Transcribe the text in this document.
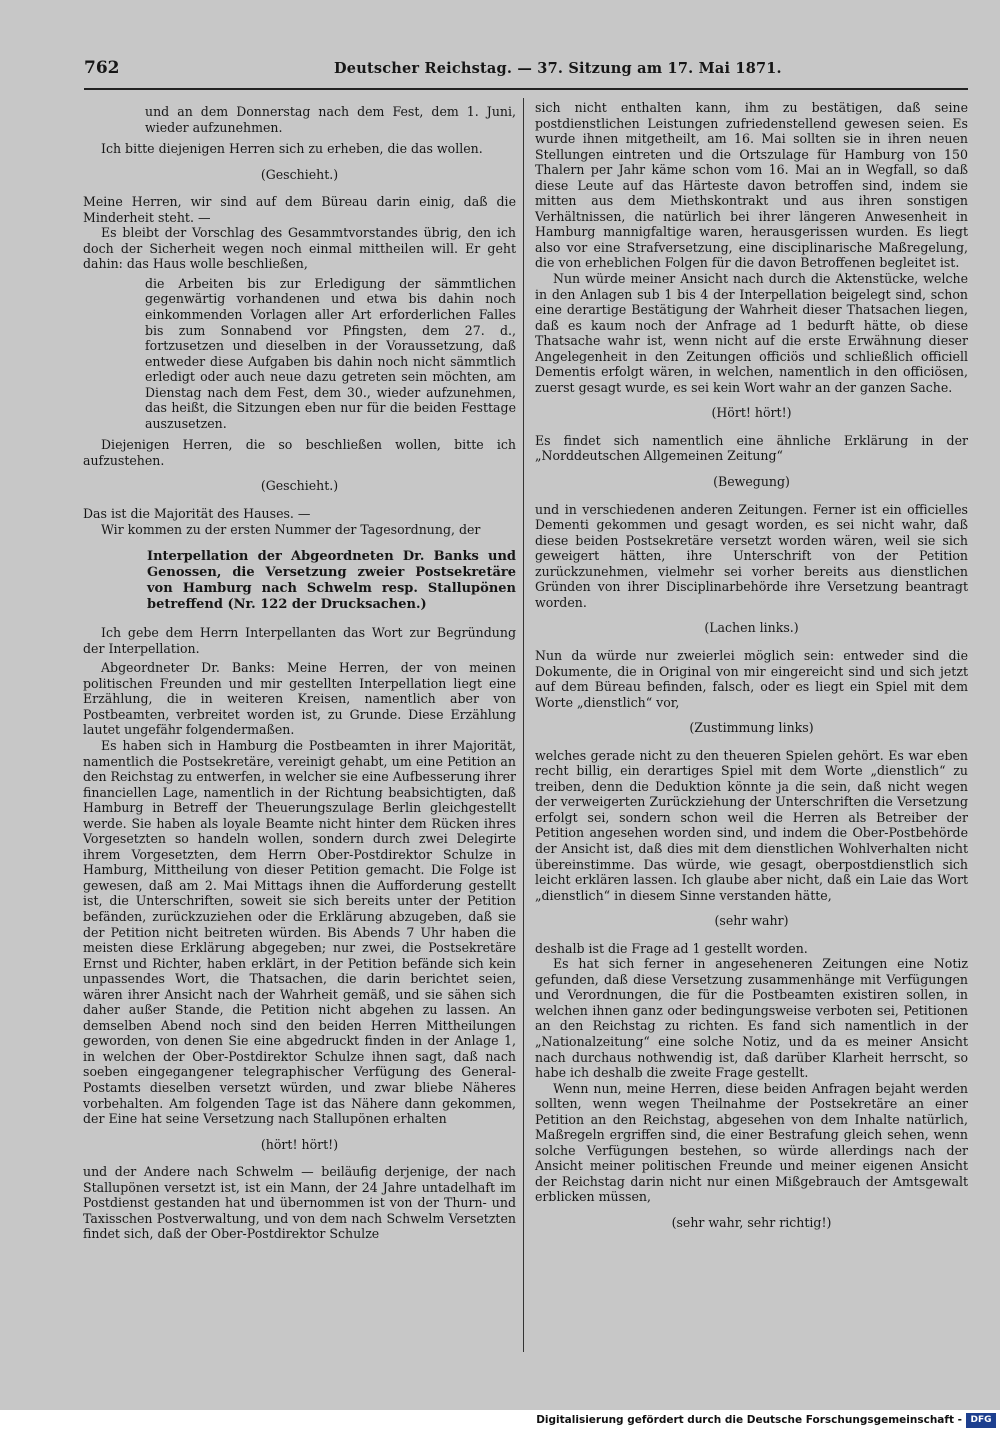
762	Deutscher Reichstag. — 37. Sitzung am 17. Mai 1871.

und an dem Donnerstag nach dem Fest, dem 1. Juni, wieder aufzunehmen.

Ich bitte diejenigen Herren sich zu erheben, die das wollen.

(Geschieht.)

Meine Herren, wir sind auf dem Büreau darin einig, daß die Minderheit steht. —

Es bleibt der Vorschlag des Gesammtvorstandes übrig, den ich doch der Sicherheit wegen noch einmal mittheilen will. Er geht dahin: das Haus wolle beschließen,

die Arbeiten bis zur Erledigung der sämmtlichen gegenwärtig vorhandenen und etwa bis dahin noch einkommenden Vorlagen aller Art erforderlichen Falles bis zum Sonnabend vor Pfingsten, dem 27. d., fortzusetzen und dieselben in der Voraussetzung, daß entweder diese Aufgaben bis dahin noch nicht sämmtlich erledigt oder auch neue dazu getreten sein möchten, am Dienstag nach dem Fest, dem 30., wieder aufzunehmen, das heißt, die Sitzungen eben nur für die beiden Festtage auszusetzen.

Diejenigen Herren, die so beschließen wollen, bitte ich aufzustehen.

(Geschieht.)

Das ist die Majorität des Hauses. —

Wir kommen zu der ersten Nummer der Tagesordnung, der

Interpellation der Abgeordneten Dr. Banks und Genossen, die Versetzung zweier Postsekretäre von Hamburg nach Schwelm resp. Stallupönen betreffend (Nr. 122 der Drucksachen.)

Ich gebe dem Herrn Interpellanten das Wort zur Begründung der Interpellation.

Abgeordneter Dr. Banks: Meine Herren, der von meinen politischen Freunden und mir gestellten Interpellation liegt eine Erzählung, die in weiteren Kreisen, namentlich aber von Postbeamten, verbreitet worden ist, zu Grunde. Diese Erzählung lautet ungefähr folgendermaßen.

Es haben sich in Hamburg die Postbeamten in ihrer Majorität, namentlich die Postsekretäre, vereinigt gehabt, um eine Petition an den Reichstag zu entwerfen, in welcher sie eine Aufbesserung ihrer financiellen Lage, namentlich in der Richtung beabsichtigten, daß Hamburg in Betreff der Theuerungszulage Berlin gleichgestellt werde. Sie haben als loyale Beamte nicht hinter dem Rücken ihres Vorgesetzten so handeln wollen, sondern durch zwei Delegirte ihrem Vorgesetzten, dem Herrn Ober-Postdirektor Schulze in Hamburg, Mittheilung von dieser Petition gemacht. Die Folge ist gewesen, daß am 2. Mai Mittags ihnen die Aufforderung gestellt ist, die Unterschriften, soweit sie sich bereits unter der Petition befänden, zurückzuziehen oder die Erklärung abzugeben, daß sie der Petition nicht beitreten würden. Bis Abends 7 Uhr haben die meisten diese Erklärung abgegeben; nur zwei, die Postsekretäre Ernst und Richter, haben erklärt, in der Petition befände sich kein unpassendes Wort, die Thatsachen, die darin berichtet seien, wären ihrer Ansicht nach der Wahrheit gemäß, und sie sähen sich daher außer Stande, die Petition nicht abgehen zu lassen. An demselben Abend noch sind den beiden Herren Mittheilungen geworden, von denen Sie eine abgedruckt finden in der Anlage 1, in welchen der Ober-Postdirektor Schulze ihnen sagt, daß nach soeben eingegangener telegraphischer Verfügung des General-Postamts dieselben versetzt würden, und zwar bliebe Näheres vorbehalten. Am folgenden Tage ist das Nähere dann gekommen, der Eine hat seine Versetzung nach Stallupönen erhalten

(hört! hört!)

und der Andere nach Schwelm — beiläufig derjenige, der nach Stallupönen versetzt ist, ist ein Mann, der 24 Jahre untadelhaft im Postdienst gestanden hat und übernommen ist von der Thurn- und Taxisschen Postverwaltung, und von dem nach Schwelm Versetzten findet sich, daß der Ober-Postdirektor Schulze

sich nicht enthalten kann, ihm zu bestätigen, daß seine postdienstlichen Leistungen zufriedenstellend gewesen seien. Es wurde ihnen mitgetheilt, am 16. Mai sollten sie in ihren neuen Stellungen eintreten und die Ortszulage für Hamburg von 150 Thalern per Jahr käme schon vom 16. Mai an in Wegfall, so daß diese Leute auf das Härteste davon betroffen sind, indem sie mitten aus dem Miethskontrakt und aus ihren sonstigen Verhältnissen, die natürlich bei ihrer längeren Anwesenheit in Hamburg mannigfaltige waren, herausgerissen wurden. Es liegt also vor eine Strafversetzung, eine disciplinarische Maßregelung, die von erheblichen Folgen für die davon Betroffenen begleitet ist.

Nun würde meiner Ansicht nach durch die Aktenstücke, welche in den Anlagen sub 1 bis 4 der Interpellation beigelegt sind, schon eine derartige Bestätigung der Wahrheit dieser Thatsachen liegen, daß es kaum noch der Anfrage ad 1 bedurft hätte, ob diese Thatsache wahr ist, wenn nicht auf die erste Erwähnung dieser Angelegenheit in den Zeitungen officiös und schließlich officiell Dementis erfolgt wären, in welchen, namentlich in den officiösen, zuerst gesagt wurde, es sei kein Wort wahr an der ganzen Sache.

(Hört! hört!)

Es findet sich namentlich eine ähnliche Erklärung in der „Norddeutschen Allgemeinen Zeitung“

(Bewegung)

und in verschiedenen anderen Zeitungen. Ferner ist ein officielles Dementi gekommen und gesagt worden, es sei nicht wahr, daß diese beiden Postsekretäre versetzt worden wären, weil sie sich geweigert hätten, ihre Unterschrift von der Petition zurückzunehmen, vielmehr sei vorher bereits aus dienstlichen Gründen von ihrer Disciplinarbehörde ihre Versetzung beantragt worden.

(Lachen links.)

Nun da würde nur zweierlei möglich sein: entweder sind die Dokumente, die in Original von mir eingereicht sind und sich jetzt auf dem Büreau befinden, falsch, oder es liegt ein Spiel mit dem Worte „dienstlich“ vor,

(Zustimmung links)

welches gerade nicht zu den theueren Spielen gehört. Es war eben recht billig, ein derartiges Spiel mit dem Worte „dienstlich“ zu treiben, denn die Deduktion könnte ja die sein, daß nicht wegen der verweigerten Zurückziehung der Unterschriften die Versetzung erfolgt sei, sondern schon weil die Herren als Betreiber der Petition angesehen worden sind, und indem die Ober-Postbehörde der Ansicht ist, daß dies mit dem dienstlichen Wohlverhalten nicht übereinstimme. Das würde, wie gesagt, oberpostdienstlich sich leicht erklären lassen. Ich glaube aber nicht, daß ein Laie das Wort „dienstlich“ in diesem Sinne verstanden hätte,

(sehr wahr)

deshalb ist die Frage ad 1 gestellt worden.

Es hat sich ferner in angeseheneren Zeitungen eine Notiz gefunden, daß diese Versetzung zusammenhänge mit Verfügungen und Verordnungen, die für die Postbeamten existiren sollen, in welchen ihnen ganz oder bedingungsweise verboten sei, Petitionen an den Reichstag zu richten. Es fand sich namentlich in der „Nationalzeitung“ eine solche Notiz, und da es meiner Ansicht nach durchaus nothwendig ist, daß darüber Klarheit herrscht, so habe ich deshalb die zweite Frage gestellt.

Wenn nun, meine Herren, diese beiden Anfragen bejaht werden sollten, wenn wegen Theilnahme der Postsekretäre an einer Petition an den Reichstag, abgesehen von dem Inhalte natürlich, Maßregeln ergriffen sind, die einer Bestrafung gleich sehen, wenn solche Verfügungen bestehen, so würde allerdings nach der Ansicht meiner politischen Freunde und meiner eigenen Ansicht der Reichstag darin nicht nur einen Mißgebrauch der Amtsgewalt erblicken müssen,

(sehr wahr, sehr richtig!)

Digitalisierung gefördert durch die Deutsche Forschungsgemeinschaft - DFG
